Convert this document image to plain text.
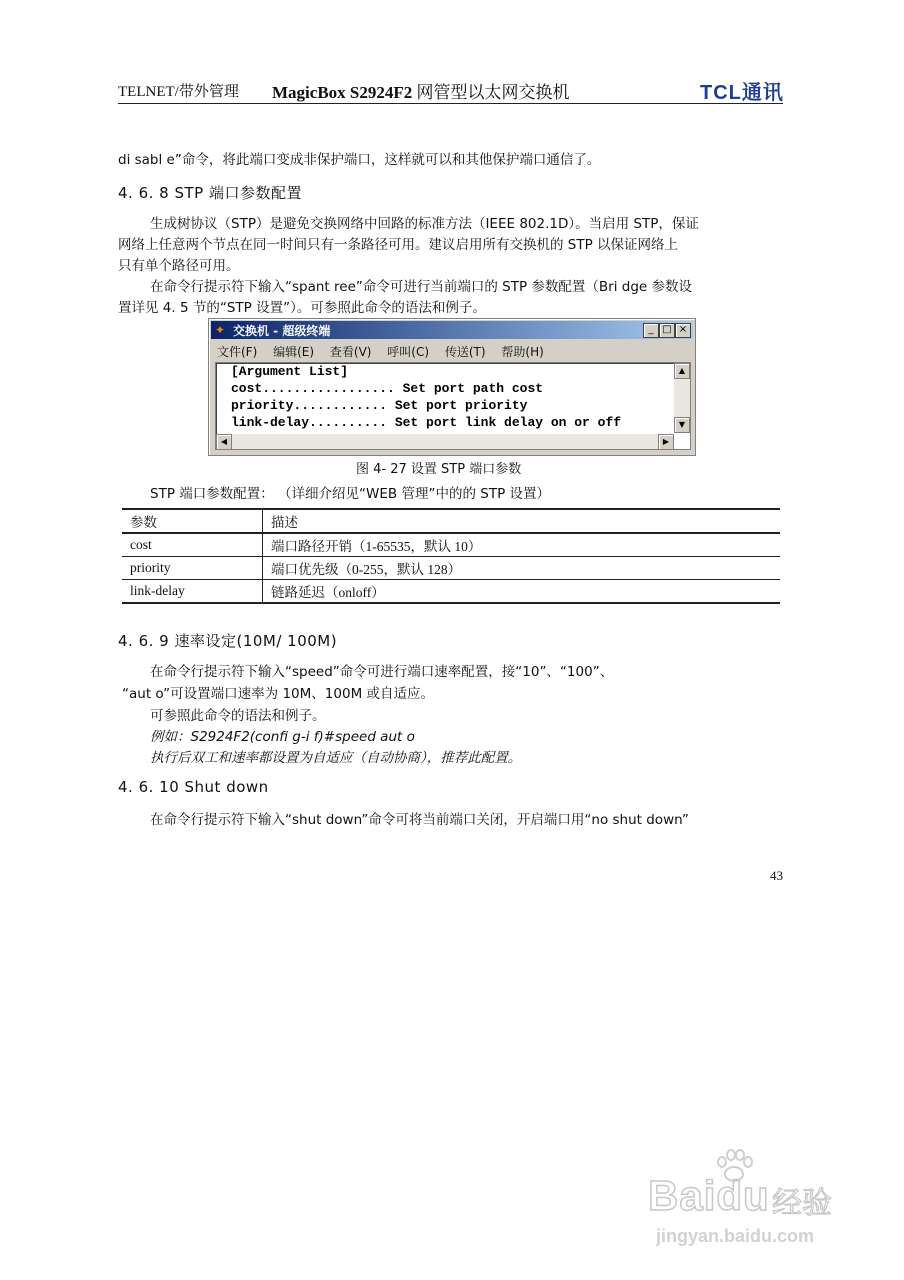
TELNET/带外管理 MagicBox S2924F2 网管型以太网交换机	TCL通讯

di sabl e”命令，将此端口变成非保护端口，这样就可以和其他保护端口通信了。

4. 6. 8 STP 端口参数配置

生成树协议（STP）是避免交换网络中回路的标准方法（IEEE 802.1D）。当启用 STP，保证

网络上任意两个节点在同一时间只有一条路径可用。建议启用所有交换机的 STP 以保证网络上

只有单个路径可用。

在命令行提示符下输入“spant ree”命令可进行当前端口的 STP 参数配置（Bri dge 参数设

置详见 4. 5 节的“STP 设置”）。可参照此命令的语法和例子。

✦ 交换机 - 超级终端	_ □ ×
文件(F) 编辑(E) 查看(V) 呼叫(C) 传送(T) 帮助(H)
[Argument List]
cost................. Set port path cost
priority............ Set port priority
link-delay.......... Set port link delay on or off
▲
▼
◀	▶
图 4- 27 设置 STP 端口参数

STP 端口参数配置： （详细介绍见“WEB 管理”中的的 STP 设置）

参数	描述
cost	端口路径开销（1-65535，默认 10）
priority	端口优先级（0-255，默认 128）
link-delay	链路延迟（onloff）
4. 6. 9 速率设定(10M/ 100M)

在命令行提示符下输入“speed”命令可进行端口速率配置，接“10”、“100”、

“aut o”可设置端口速率为 10M、100M 或自适应。

可参照此命令的语法和例子。

例如：S2924F2(confi g-i f)#speed aut o

执行后双工和速率都设置为自适应（自动协商），推荐此配置。

4. 6. 10 Shut down

在命令行提示符下输入“shut down”命令可将当前端口关闭，开启端口用“no shut down”

43
Baidu 经验
jingyan.baidu.com
